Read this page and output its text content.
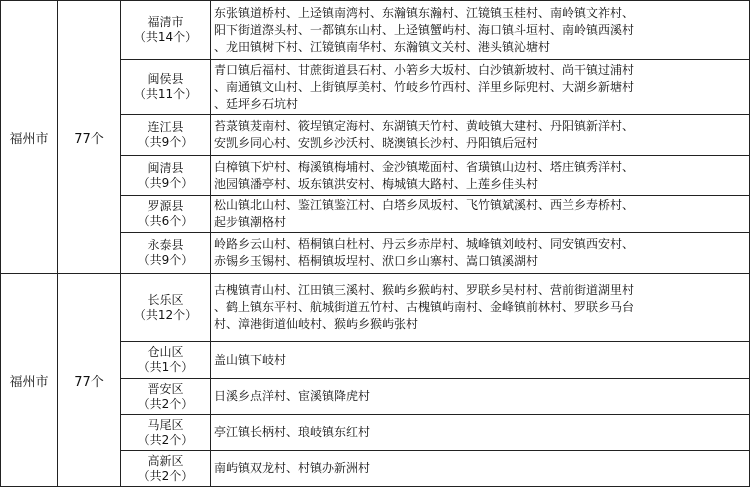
福州市	77个	福清市
（共14个）	东张镇道桥村、上迳镇南湾村、东瀚镇东瀚村、江镜镇玉桂村、南岭镇文祚村、
阳下街道漈头村、一都镇东山村、上迳镇蟹屿村、海口镇斗垣村、南岭镇西溪村
、龙田镇树下村、江镜镇南华村、东瀚镇文关村、港头镇沁塘村

		闽侯县
（共11个）	青口镇后福村、甘蔗街道县石村、小箬乡大坂村、白沙镇新坡村、尚干镇过浦村
、南通镇文山村、上街镇厚美村、竹岐乡竹西村、洋里乡际兜村、大湖乡新塘村
、廷坪乡石坑村

		连江县
（共9个）	苔菉镇茇南村、筱埕镇定海村、东湖镇天竹村、黄岐镇大建村、丹阳镇新洋村、
安凯乡同心村、安凯乡沙沃村、晓澳镇长沙村、丹阳镇后冠村

		闽清县
（共9个）	白樟镇下炉村、梅溪镇梅埔村、金沙镇墘面村、省璜镇山边村、塔庄镇秀洋村、
池园镇潘亭村、坂东镇洪安村、梅城镇大路村、上莲乡佳头村

		罗源县
（共6个）	松山镇北山村、鉴江镇鉴江村、白塔乡凤坂村、飞竹镇斌溪村、西兰乡寿桥村、
起步镇潮格村

		永泰县
（共9个）	岭路乡云山村、梧桐镇白杜村、丹云乡赤岸村、城峰镇刘岐村、同安镇西安村、
赤锡乡玉锡村、梧桐镇坂埕村、洑口乡山寨村、嵩口镇溪湖村

福州市	77个	长乐区
（共12个）	古槐镇青山村、江田镇三溪村、猴屿乡猴屿村、罗联乡吴村村、营前街道湖里村
、鹤上镇东平村、航城街道五竹村、古槐镇屿南村、金峰镇前林村、罗联乡马台
村、漳港街道仙岐村、猴屿乡猴屿张村

		仓山区
（共1个）	盖山镇下岐村

		晋安区
（共2个）	日溪乡点洋村、宦溪镇降虎村

		马尾区
（共2个）	亭江镇长柄村、琅岐镇东红村

		高新区
（共2个）	南屿镇双龙村、村镇办新洲村
